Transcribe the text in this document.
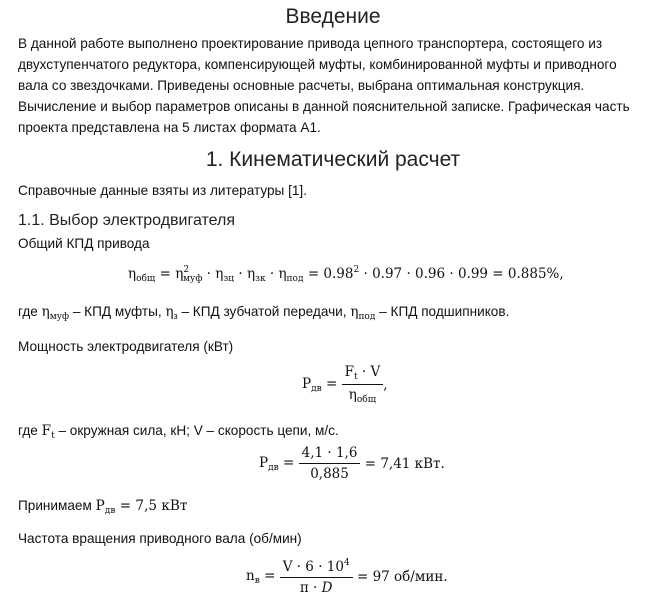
Введение
В данной работе выполнено проектирование привода цепного транспортера, состоящего из
двухступенчатого редуктора, компенсирующей муфты, комбинированной муфты и приводного
вала со звездочками. Приведены основные расчеты, выбрана оптимальная конструкция.
Вычисление и выбор параметров описаны в данной пояснительной записке. Графическая часть
проекта представлена на 5 листах формата А1.
1. Кинематический расчет
Справочные данные взяты из литературы [1].
1.1. Выбор электродвигателя
Общий КПД привода
$\eta_{общ} = \eta^2_{муф} \cdot \eta_{зц} \cdot \eta_{зк} \cdot \eta_{под} = 0.98^2 \cdot 0.97 \cdot 0.96 \cdot 0.99 = 0.885\%$,
где $\eta_{муф}$ – КПД муфты, $\eta_з$ – КПД зубчатой передачи, $\eta_{под}$ – КПД подшипников.
Мощность электродвигателя (кВт)
$P_{дв} = \frac{F_t \cdot V}{\eta_{общ}}$ ,
где $F_t$ – окружная сила, кН; V – скорость цепи, м/с.
$P_{дв} = \frac{4,1 \cdot 1,6}{0,885}$
= 7,41 кВт.
Принимаем $P_{дв} = 7,5$ кВт
Частота вращения приводного вала (об/мин)
$n_в = \frac{V \cdot 6 \cdot 10^4}{\pi \cdot D}$
= 97 об/мин.
